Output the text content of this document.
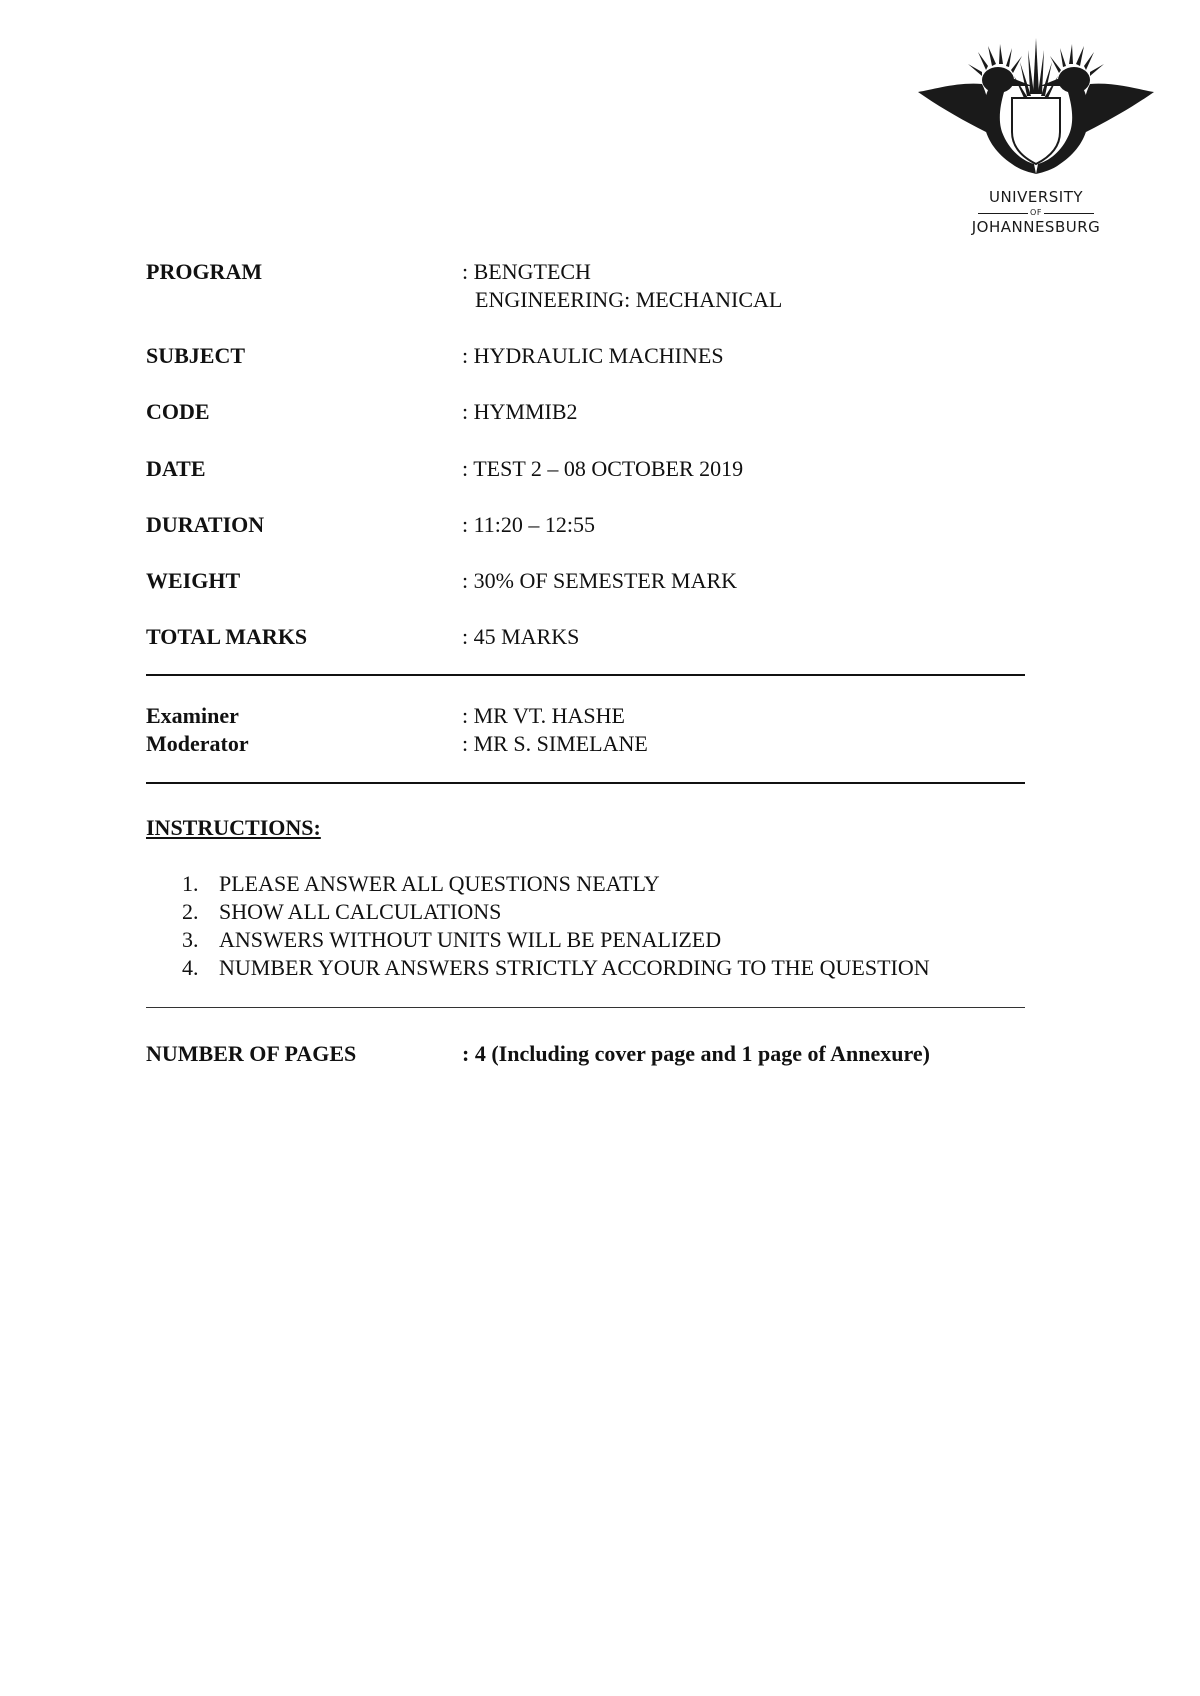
UNIVERSITY
OF
JOHANNESBURG
PROGRAM	: BENGTECH
ENGINEERING: MECHANICAL
SUBJECT	: HYDRAULIC MACHINES
CODE	: HYMMIB2
DATE	: TEST 2 – 08 OCTOBER 2019
DURATION	: 11:20 – 12:55
WEIGHT	: 30% OF SEMESTER MARK
TOTAL MARKS	: 45 MARKS
Examiner	: MR VT. HASHE
Moderator	: MR S. SIMELANE
INSTRUCTIONS:
1. PLEASE ANSWER ALL QUESTIONS NEATLY
2. SHOW ALL CALCULATIONS
3. ANSWERS WITHOUT UNITS WILL BE PENALIZED
4. NUMBER YOUR ANSWERS STRICTLY ACCORDING TO THE QUESTION
NUMBER OF PAGES	: 4 (Including cover page and 1 page of Annexure)
